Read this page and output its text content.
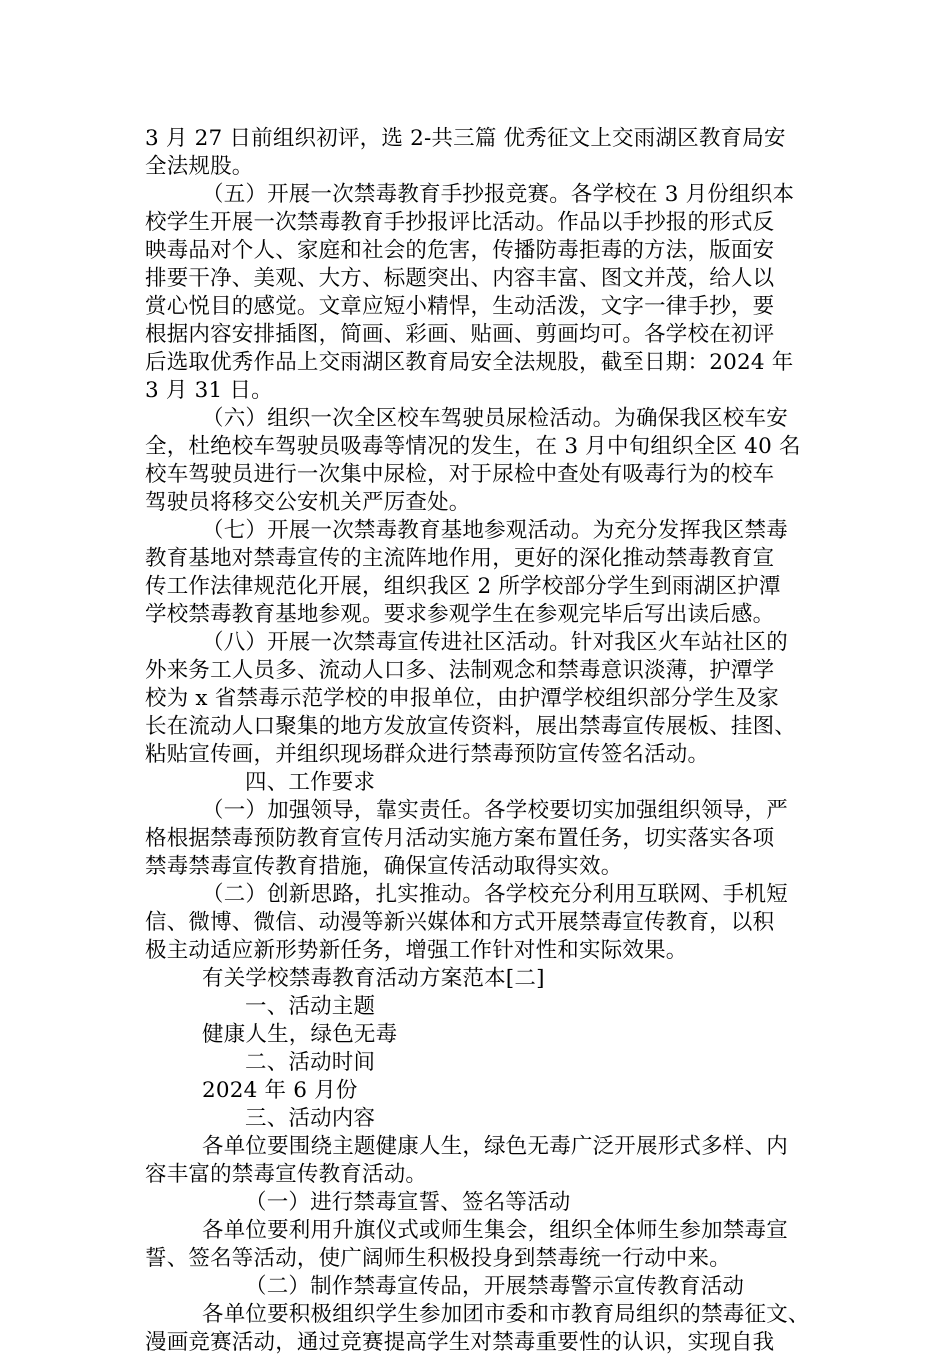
3 月 27 日前组织初评，选 2-共三篇 优秀征文上交雨湖区教育局安
全法规股。
（五）开展一次禁毒教育手抄报竞赛。各学校在 3 月份组织本
校学生开展一次禁毒教育手抄报评比活动。作品以手抄报的形式反
映毒品对个人、家庭和社会的危害，传播防毒拒毒的方法，版面安
排要干净、美观、大方、标题突出、内容丰富、图文并茂，给人以
赏心悦目的感觉。文章应短小精悍，生动活泼，文字一律手抄，要
根据内容安排插图，简画、彩画、贴画、剪画均可。各学校在初评
后选取优秀作品上交雨湖区教育局安全法规股，截至日期：2024 年
3 月 31 日。
（六）组织一次全区校车驾驶员尿检活动。为确保我区校车安
全，杜绝校车驾驶员吸毒等情况的发生，在 3 月中旬组织全区 40 名
校车驾驶员进行一次集中尿检，对于尿检中查处有吸毒行为的校车
驾驶员将移交公安机关严厉查处。
（七）开展一次禁毒教育基地参观活动。为充分发挥我区禁毒
教育基地对禁毒宣传的主流阵地作用，更好的深化推动禁毒教育宣
传工作法律规范化开展，组织我区 2 所学校部分学生到雨湖区护潭
学校禁毒教育基地参观。要求参观学生在参观完毕后写出读后感。
（八）开展一次禁毒宣传进社区活动。针对我区火车站社区的
外来务工人员多、流动人口多、法制观念和禁毒意识淡薄，护潭学
校为 x 省禁毒示范学校的申报单位，由护潭学校组织部分学生及家
长在流动人口聚集的地方发放宣传资料，展出禁毒宣传展板、挂图、
粘贴宣传画，并组织现场群众进行禁毒预防宣传签名活动。
四、工作要求
（一）加强领导，靠实责任。各学校要切实加强组织领导，严
格根据禁毒预防教育宣传月活动实施方案布置任务，切实落实各项
禁毒禁毒宣传教育措施，确保宣传活动取得实效。
（二）创新思路，扎实推动。各学校充分利用互联网、手机短
信、微博、微信、动漫等新兴媒体和方式开展禁毒宣传教育，以积
极主动适应新形势新任务，增强工作针对性和实际效果。
有关学校禁毒教育活动方案范本[二]
一、活动主题
健康人生，绿色无毒
二、活动时间
2024 年 6 月份
三、活动内容
各单位要围绕主题健康人生，绿色无毒广泛开展形式多样、内
容丰富的禁毒宣传教育活动。
（一）进行禁毒宣誓、签名等活动
各单位要利用升旗仪式或师生集会，组织全体师生参加禁毒宣
誓、签名等活动，使广阔师生积极投身到禁毒统一行动中来。
（二）制作禁毒宣传品，开展禁毒警示宣传教育活动
各单位要积极组织学生参加团市委和市教育局组织的禁毒征文、
漫画竞赛活动，通过竞赛提高学生对禁毒重要性的认识，实现自我
